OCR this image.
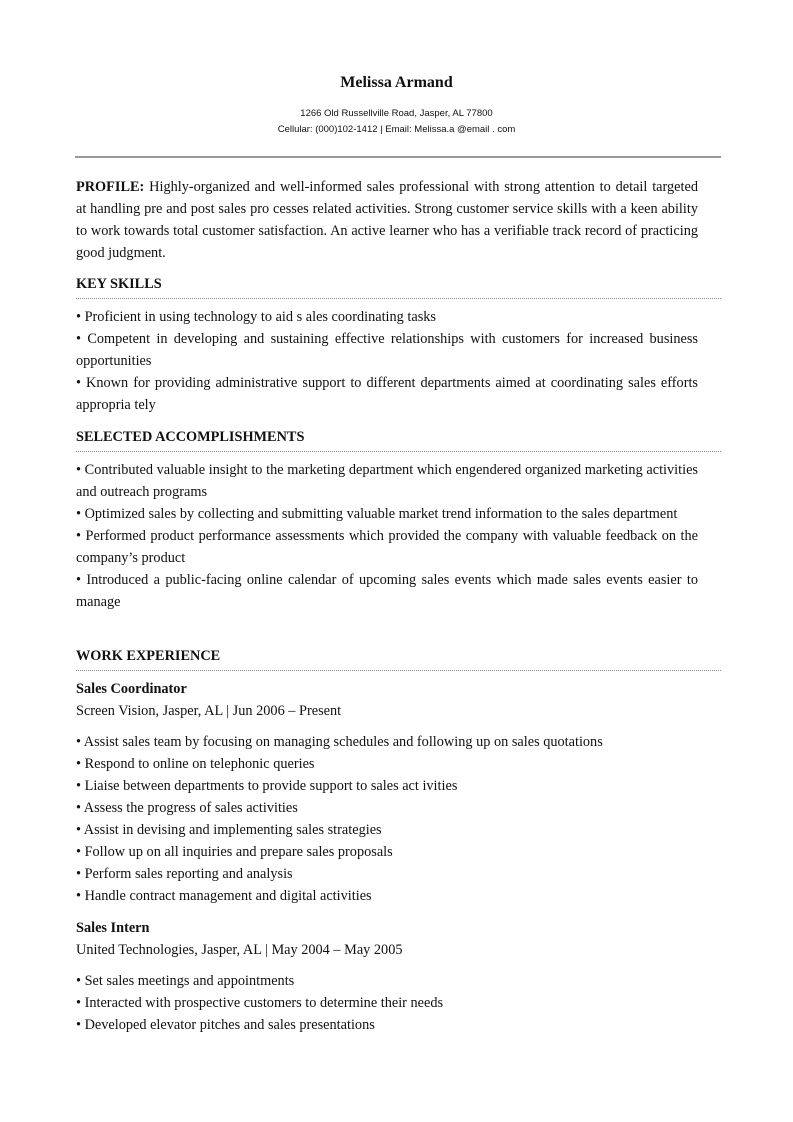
Melissa Armand
1266 Old Russellville Road, Jasper, AL 77800
Cellular: (000)102-1412 | Email: Melissa.a @email . com
PROFILE: Highly-organized and well-informed sales professional with strong attention to detail targeted at handling pre and post sales pro cesses related activities. Strong customer service skills with a keen ability to work towards total customer satisfaction. An active learner who has a verifiable track record of practicing good judgment.
KEY SKILLS

• Proficient in using technology to aid s ales coordinating tasks

• Competent in developing and sustaining effective relationships with customers for increased business opportunities

• Known for providing administrative support to different departments aimed at coordinating sales efforts appropria tely

SELECTED ACCOMPLISHMENTS

• Contributed valuable insight to the marketing department which engendered organized marketing activities and outreach programs

• Optimized sales by collecting and submitting valuable market trend information to the sales department

• Performed product performance assessments which provided the company with valuable feedback on the company’s product

• Introduced a public-facing online calendar of upcoming sales events which made sales events easier to manage

WORK EXPERIENCE
Sales Coordinator
Screen Vision, Jasper, AL | Jun 2006 – Present

• Assist sales team by focusing on managing schedules and following up on sales quotations

• Respond to online on telephonic queries

• Liaise between departments to provide support to sales act ivities

• Assess the progress of sales activities

• Assist in devising and implementing sales strategies

• Follow up on all inquiries and prepare sales proposals

• Perform sales reporting and analysis

• Handle contract management and digital activities

Sales Intern
United Technologies, Jasper, AL | May 2004 – May 2005

• Set sales meetings and appointments

• Interacted with prospective customers to determine their needs

• Developed elevator pitches and sales presentations
